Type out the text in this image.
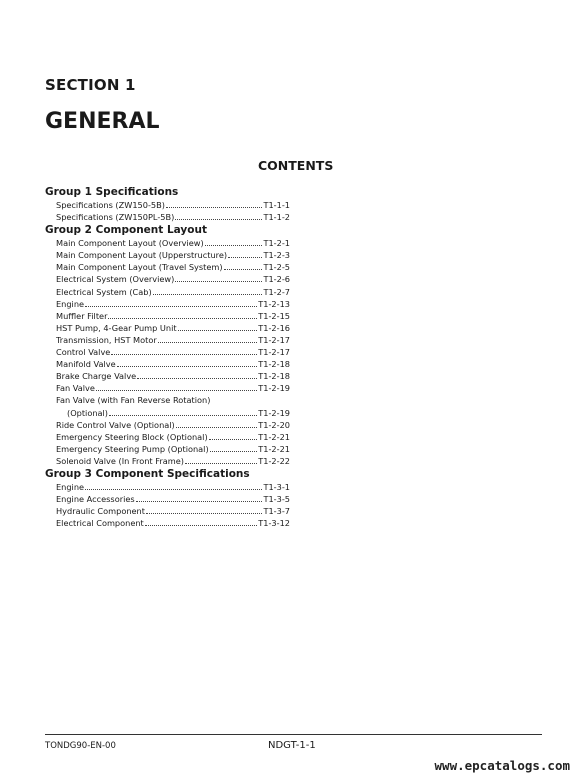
SECTION 1
GENERAL
CONTENTS
Group 1 Specifications
Specifications (ZW150-5B)	T1-1-1
Specifications (ZW150PL-5B)	T1-1-2
Group 2 Component Layout
Main Component Layout (Overview)	T1-2-1
Main Component Layout (Upperstructure)	T1-2-3
Main Component Layout (Travel System)	T1-2-5
Electrical System (Overview)	T1-2-6
Electrical System (Cab)	T1-2-7
Engine	T1-2-13
Muffler Filter	T1-2-15
HST Pump, 4-Gear Pump Unit	T1-2-16
Transmission, HST Motor	T1-2-17
Control Valve	T1-2-17
Manifold Valve	T1-2-18
Brake Charge Valve	T1-2-18
Fan Valve	T1-2-19
Fan Valve (with Fan Reverse Rotation)
(Optional)	T1-2-19
Ride Control Valve (Optional)	T1-2-20
Emergency Steering Block (Optional)	T1-2-21
Emergency Steering Pump (Optional)	T1-2-21
Solenoid Valve (In Front Frame)	T1-2-22
Group 3 Component Specifications
Engine	T1-3-1
Engine Accessories	T1-3-5
Hydraulic Component	T1-3-7
Electrical Component	T1-3-12
TONDG90-EN-00	NDGT-1-1
www.epcatalogs.com
